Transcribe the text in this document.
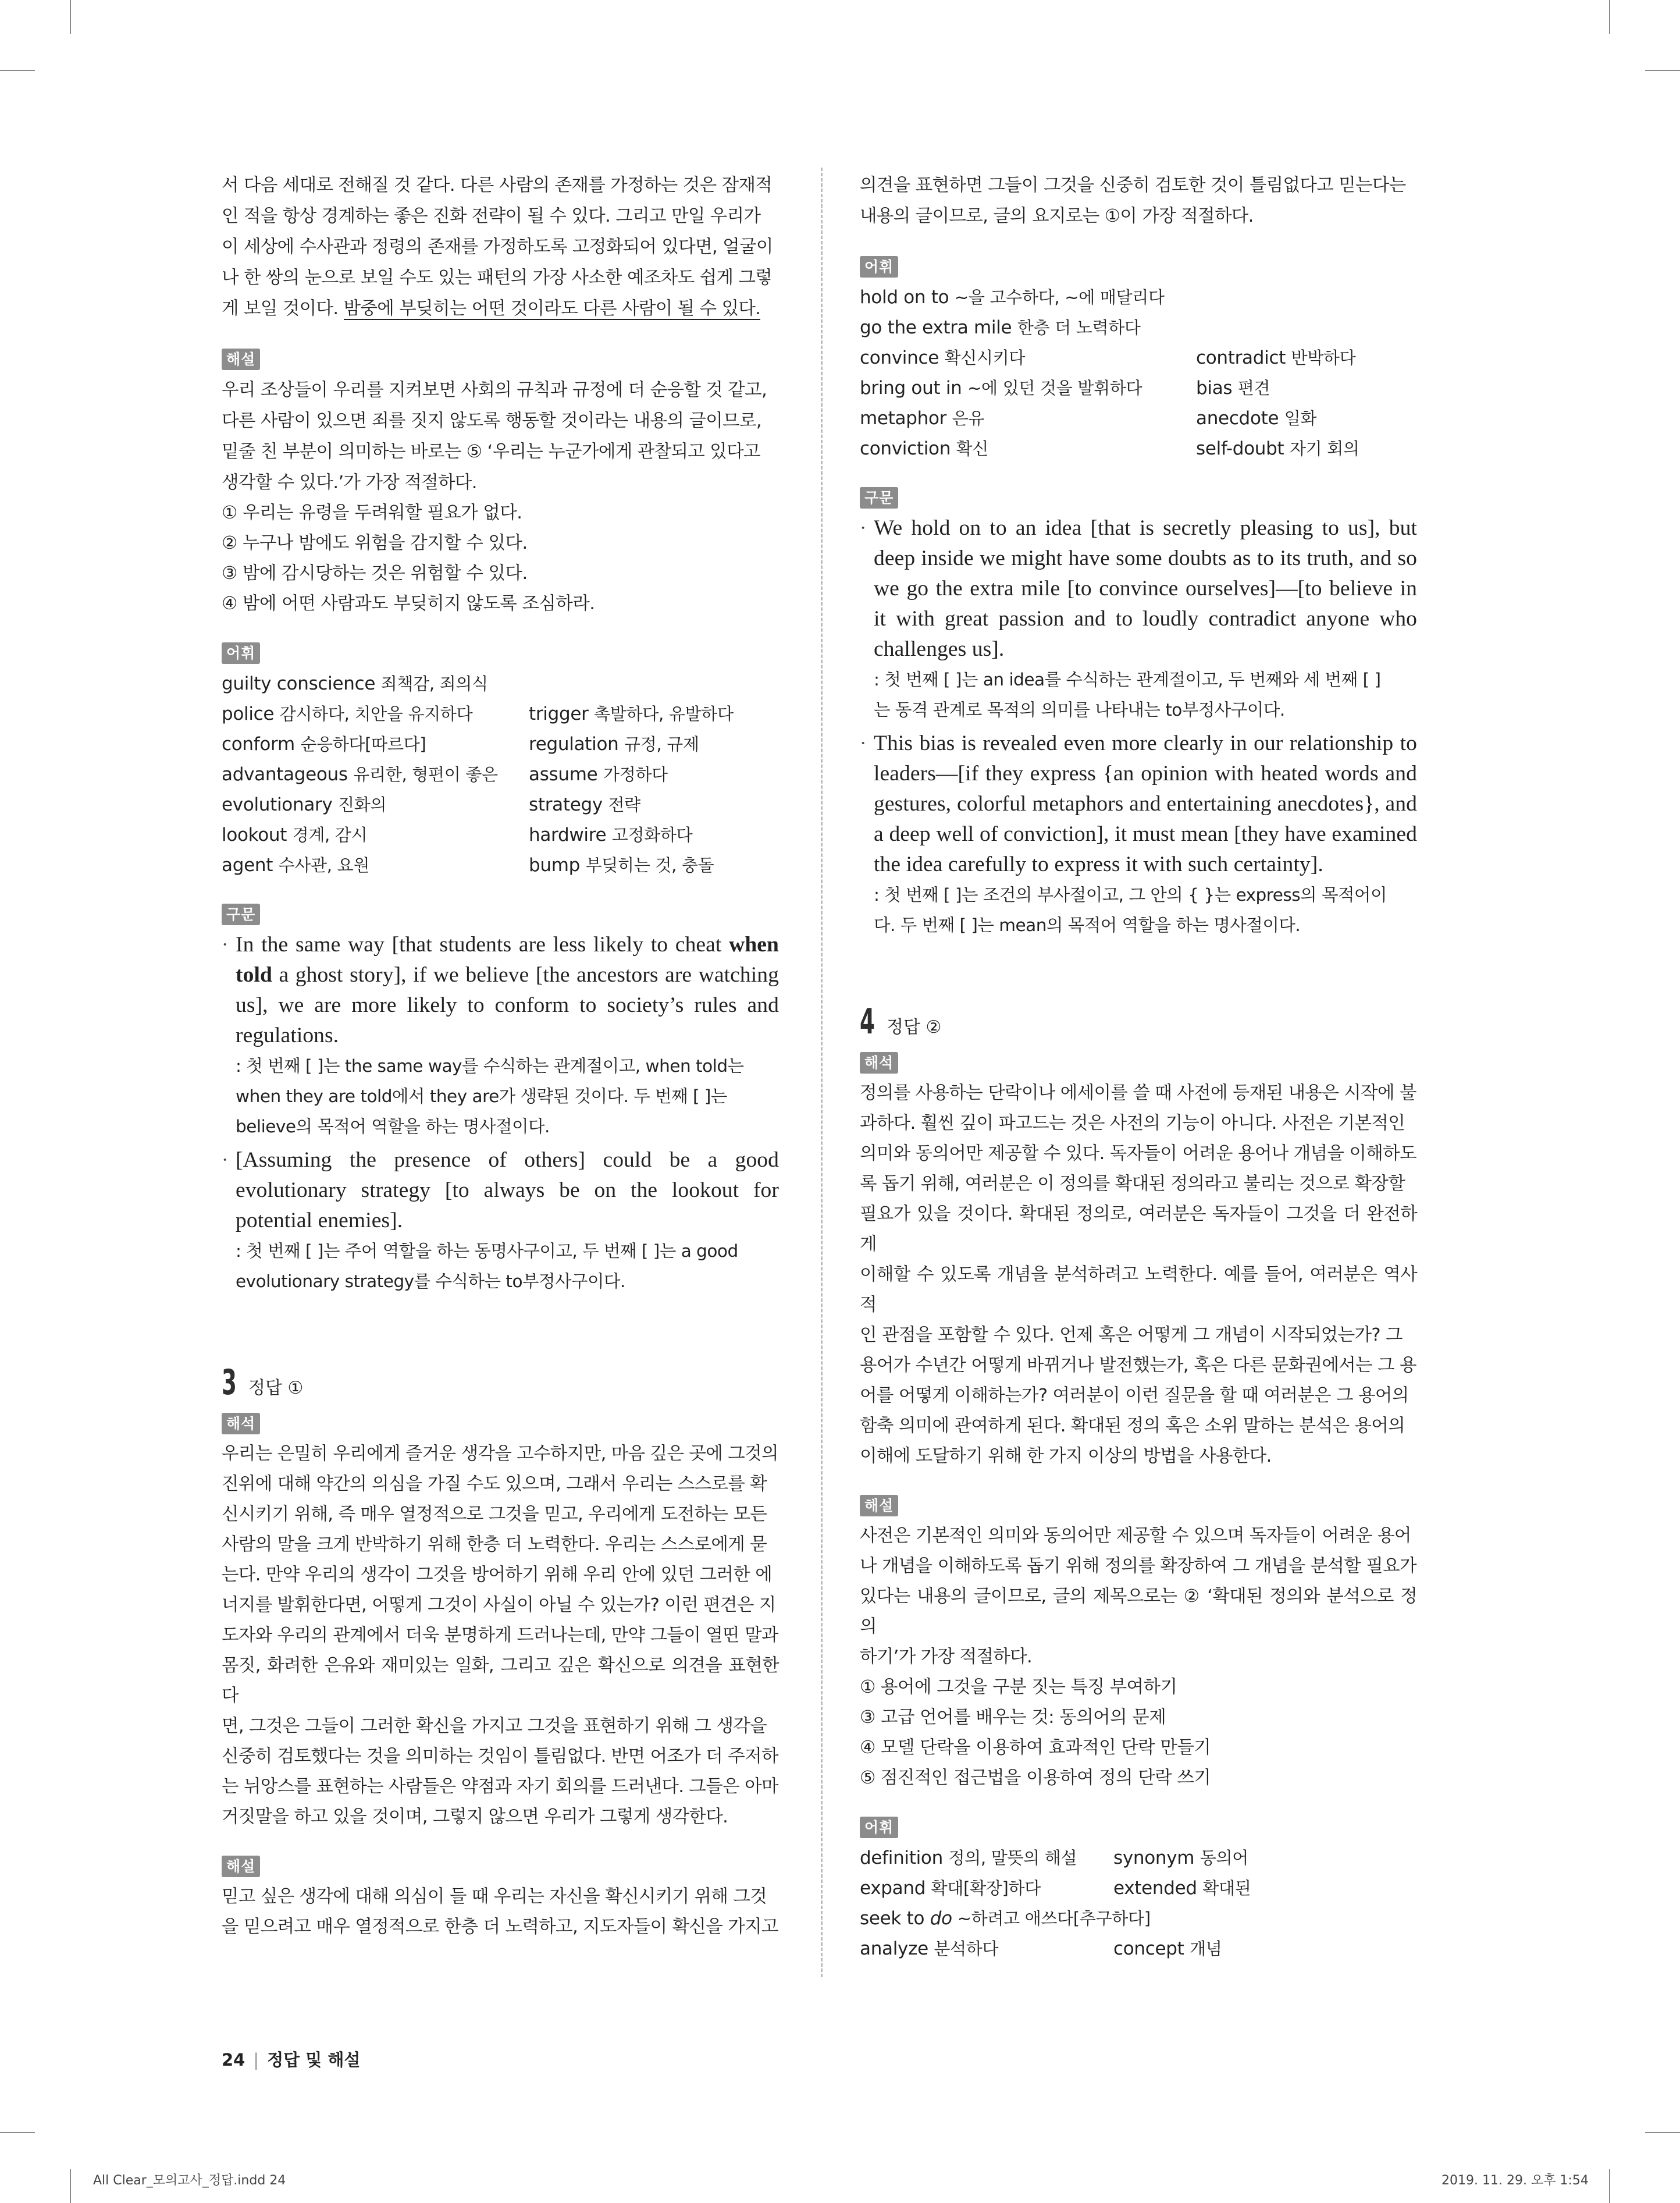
서 다음 세대로 전해질 것 같다. 다른 사람의 존재를 가정하는 것은 잠재적

인 적을 항상 경계하는 좋은 진화 전략이 될 수 있다. 그리고 만일 우리가

이 세상에 수사관과 정령의 존재를 가정하도록 고정화되어 있다면, 얼굴이

나 한 쌍의 눈으로 보일 수도 있는 패턴의 가장 사소한 예조차도 쉽게 그렇

게 보일 것이다. 밤중에 부딪히는 어떤 것이라도 다른 사람이 될 수 있다.

해설

우리 조상들이 우리를 지켜보면 사회의 규칙과 규정에 더 순응할 것 같고,

다른 사람이 있으면 죄를 짓지 않도록 행동할 것이라는 내용의 글이므로,

밑줄 친 부분이 의미하는 바로는 ⑤ ‘우리는 누군가에게 관찰되고 있다고

생각할 수 있다.’가 가장 적절하다.

① 우리는 유령을 두려워할 필요가 없다.

② 누구나 밤에도 위험을 감지할 수 있다.

③ 밤에 감시당하는 것은 위험할 수 있다.

④ 밤에 어떤 사람과도 부딪히지 않도록 조심하라.

어휘
guilty conscience 죄책감, 죄의식
police 감시하다, 치안을 유지하다	trigger 촉발하다, 유발하다
conform 순응하다[따르다]	regulation 규정, 규제
advantageous 유리한, 형편이 좋은	assume 가정하다
evolutionary 진화의	strategy 전략
lookout 경계, 감시	hardwire 고정화하다
agent 수사관, 요원	bump 부딪히는 것, 충돌
구문

· In the same way [that students are less likely to cheat when told a ghost story], if we believe [the ancestors are watching us], we are more likely to conform to society’s rules and regulations.

: 첫 번째 [ ]는 the same way를 수식하는 관계절이고, when told는
when they are told에서 they are가 생략된 것이다. 두 번째 [ ]는
believe의 목적어 역할을 하는 명사절이다.

· [Assuming the presence of others] could be a good evolutionary strategy [to always be on the lookout for potential enemies].

: 첫 번째 [ ]는 주어 역할을 하는 동명사구이고, 두 번째 [ ]는 a good
evolutionary strategy를 수식하는 to부정사구이다.

3 정답 ①
해석

우리는 은밀히 우리에게 즐거운 생각을 고수하지만, 마음 깊은 곳에 그것의

진위에 대해 약간의 의심을 가질 수도 있으며, 그래서 우리는 스스로를 확

신시키기 위해, 즉 매우 열정적으로 그것을 믿고, 우리에게 도전하는 모든

사람의 말을 크게 반박하기 위해 한층 더 노력한다. 우리는 스스로에게 묻

는다. 만약 우리의 생각이 그것을 방어하기 위해 우리 안에 있던 그러한 에

너지를 발휘한다면, 어떻게 그것이 사실이 아닐 수 있는가? 이런 편견은 지

도자와 우리의 관계에서 더욱 분명하게 드러나는데, 만약 그들이 열띤 말과

몸짓, 화려한 은유와 재미있는 일화, 그리고 깊은 확신으로 의견을 표현한다

면, 그것은 그들이 그러한 확신을 가지고 그것을 표현하기 위해 그 생각을

신중히 검토했다는 것을 의미하는 것임이 틀림없다. 반면 어조가 더 주저하

는 뉘앙스를 표현하는 사람들은 약점과 자기 회의를 드러낸다. 그들은 아마

거짓말을 하고 있을 것이며, 그렇지 않으면 우리가 그렇게 생각한다.

해설

믿고 싶은 생각에 대해 의심이 들 때 우리는 자신을 확신시키기 위해 그것

을 믿으려고 매우 열정적으로 한층 더 노력하고, 지도자들이 확신을 가지고

의견을 표현하면 그들이 그것을 신중히 검토한 것이 틀림없다고 믿는다는

내용의 글이므로, 글의 요지로는 ①이 가장 적절하다.

어휘
hold on to ~을 고수하다, ~에 매달리다
go the extra mile 한층 더 노력하다
convince 확신시키다	contradict 반박하다
bring out in ~에 있던 것을 발휘하다	bias 편견
metaphor 은유	anecdote 일화
conviction 확신	self-doubt 자기 회의
구문

· We hold on to an idea [that is secretly pleasing to us], but deep inside we might have some doubts as to its truth, and so we go the extra mile [to convince ourselves]—[to believe in it with great passion and to loudly contradict anyone who challenges us].

: 첫 번째 [ ]는 an idea를 수식하는 관계절이고, 두 번째와 세 번째 [ ]
는 동격 관계로 목적의 의미를 나타내는 to부정사구이다.

· This bias is revealed even more clearly in our relationship to leaders—[if they express {an opinion with heated words and gestures, colorful metaphors and entertaining anecdotes}, and a deep well of conviction], it must mean [they have examined the idea carefully to express it with such certainty].

: 첫 번째 [ ]는 조건의 부사절이고, 그 안의 { }는 express의 목적어이
다. 두 번째 [ ]는 mean의 목적어 역할을 하는 명사절이다.

4 정답 ②
해석

정의를 사용하는 단락이나 에세이를 쓸 때 사전에 등재된 내용은 시작에 불

과하다. 훨씬 깊이 파고드는 것은 사전의 기능이 아니다. 사전은 기본적인

의미와 동의어만 제공할 수 있다. 독자들이 어려운 용어나 개념을 이해하도

록 돕기 위해, 여러분은 이 정의를 확대된 정의라고 불리는 것으로 확장할

필요가 있을 것이다. 확대된 정의로, 여러분은 독자들이 그것을 더 완전하게

이해할 수 있도록 개념을 분석하려고 노력한다. 예를 들어, 여러분은 역사적

인 관점을 포함할 수 있다. 언제 혹은 어떻게 그 개념이 시작되었는가? 그

용어가 수년간 어떻게 바뀌거나 발전했는가, 혹은 다른 문화권에서는 그 용

어를 어떻게 이해하는가? 여러분이 이런 질문을 할 때 여러분은 그 용어의

함축 의미에 관여하게 된다. 확대된 정의 혹은 소위 말하는 분석은 용어의

이해에 도달하기 위해 한 가지 이상의 방법을 사용한다.

해설

사전은 기본적인 의미와 동의어만 제공할 수 있으며 독자들이 어려운 용어

나 개념을 이해하도록 돕기 위해 정의를 확장하여 그 개념을 분석할 필요가

있다는 내용의 글이므로, 글의 제목으로는 ② ‘확대된 정의와 분석으로 정의

하기’가 가장 적절하다.

① 용어에 그것을 구분 짓는 특징 부여하기

③ 고급 언어를 배우는 것: 동의어의 문제

④ 모델 단락을 이용하여 효과적인 단락 만들기

⑤ 점진적인 접근법을 이용하여 정의 단락 쓰기

어휘
definition 정의, 말뜻의 해설	synonym 동의어
expand 확대[확장]하다	extended 확대된
seek to do ~하려고 애쓰다[추구하다]
analyze 분석하다	concept 개념
24 | 정답 및 해설
All Clear_모의고사_정답.indd 24	2019. 11. 29. 오후 1:54
